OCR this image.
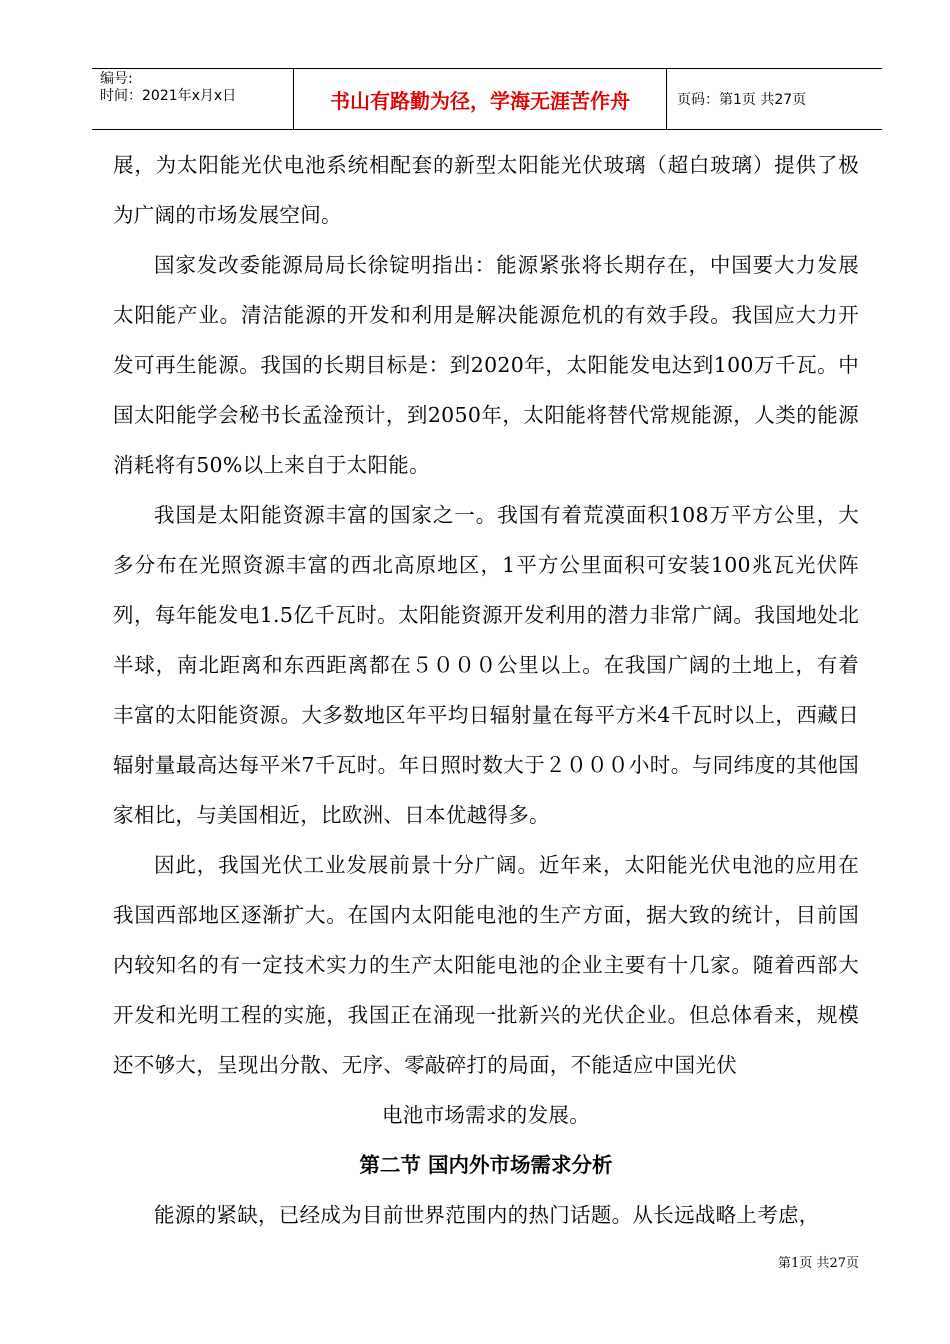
编号:
时间：2021年x月x日	书山有路勤为径，学海无涯苦作舟	页码：第1页 共27页

展，为太阳能光伏电池系统相配套的新型太阳能光伏玻璃（超白玻璃）提供了极为广阔的市场发展空间。

国家发改委能源局局长徐锭明指出：能源紧张将长期存在，中国要大力发展太阳能产业。清洁能源的开发和利用是解决能源危机的有效手段。我国应大力开发可再生能源。我国的长期目标是：到2020年，太阳能发电达到100万千瓦。中国太阳能学会秘书长孟淦预计，到2050年，太阳能将替代常规能源，人类的能源消耗将有50%以上来自于太阳能。

我国是太阳能资源丰富的国家之一。我国有着荒漠面积108万平方公里，大多分布在光照资源丰富的西北高原地区，1平方公里面积可安装100兆瓦光伏阵列，每年能发电1.5亿千瓦时。太阳能资源开发利用的潜力非常广阔。我国地处北半球，南北距离和东西距离都在５０００公里以上。在我国广阔的土地上，有着丰富的太阳能资源。大多数地区年平均日辐射量在每平方米4千瓦时以上，西藏日辐射量最高达每平米7千瓦时。年日照时数大于２０００小时。与同纬度的其他国家相比，与美国相近，比欧洲、日本优越得多。

因此，我国光伏工业发展前景十分广阔。近年来，太阳能光伏电池的应用在我国西部地区逐渐扩大。在国内太阳能电池的生产方面，据大致的统计，目前国内较知名的有一定技术实力的生产太阳能电池的企业主要有十几家。随着西部大开发和光明工程的实施，我国正在涌现一批新兴的光伏企业。但总体看来，规模还不够大，呈现出分散、无序、零敲碎打的局面，不能适应中国光伏

电池市场需求的发展。

第二节 国内外市场需求分析

能源的紧缺，已经成为目前世界范围内的热门话题。从长远战略上考虑，

第1页 共27页
